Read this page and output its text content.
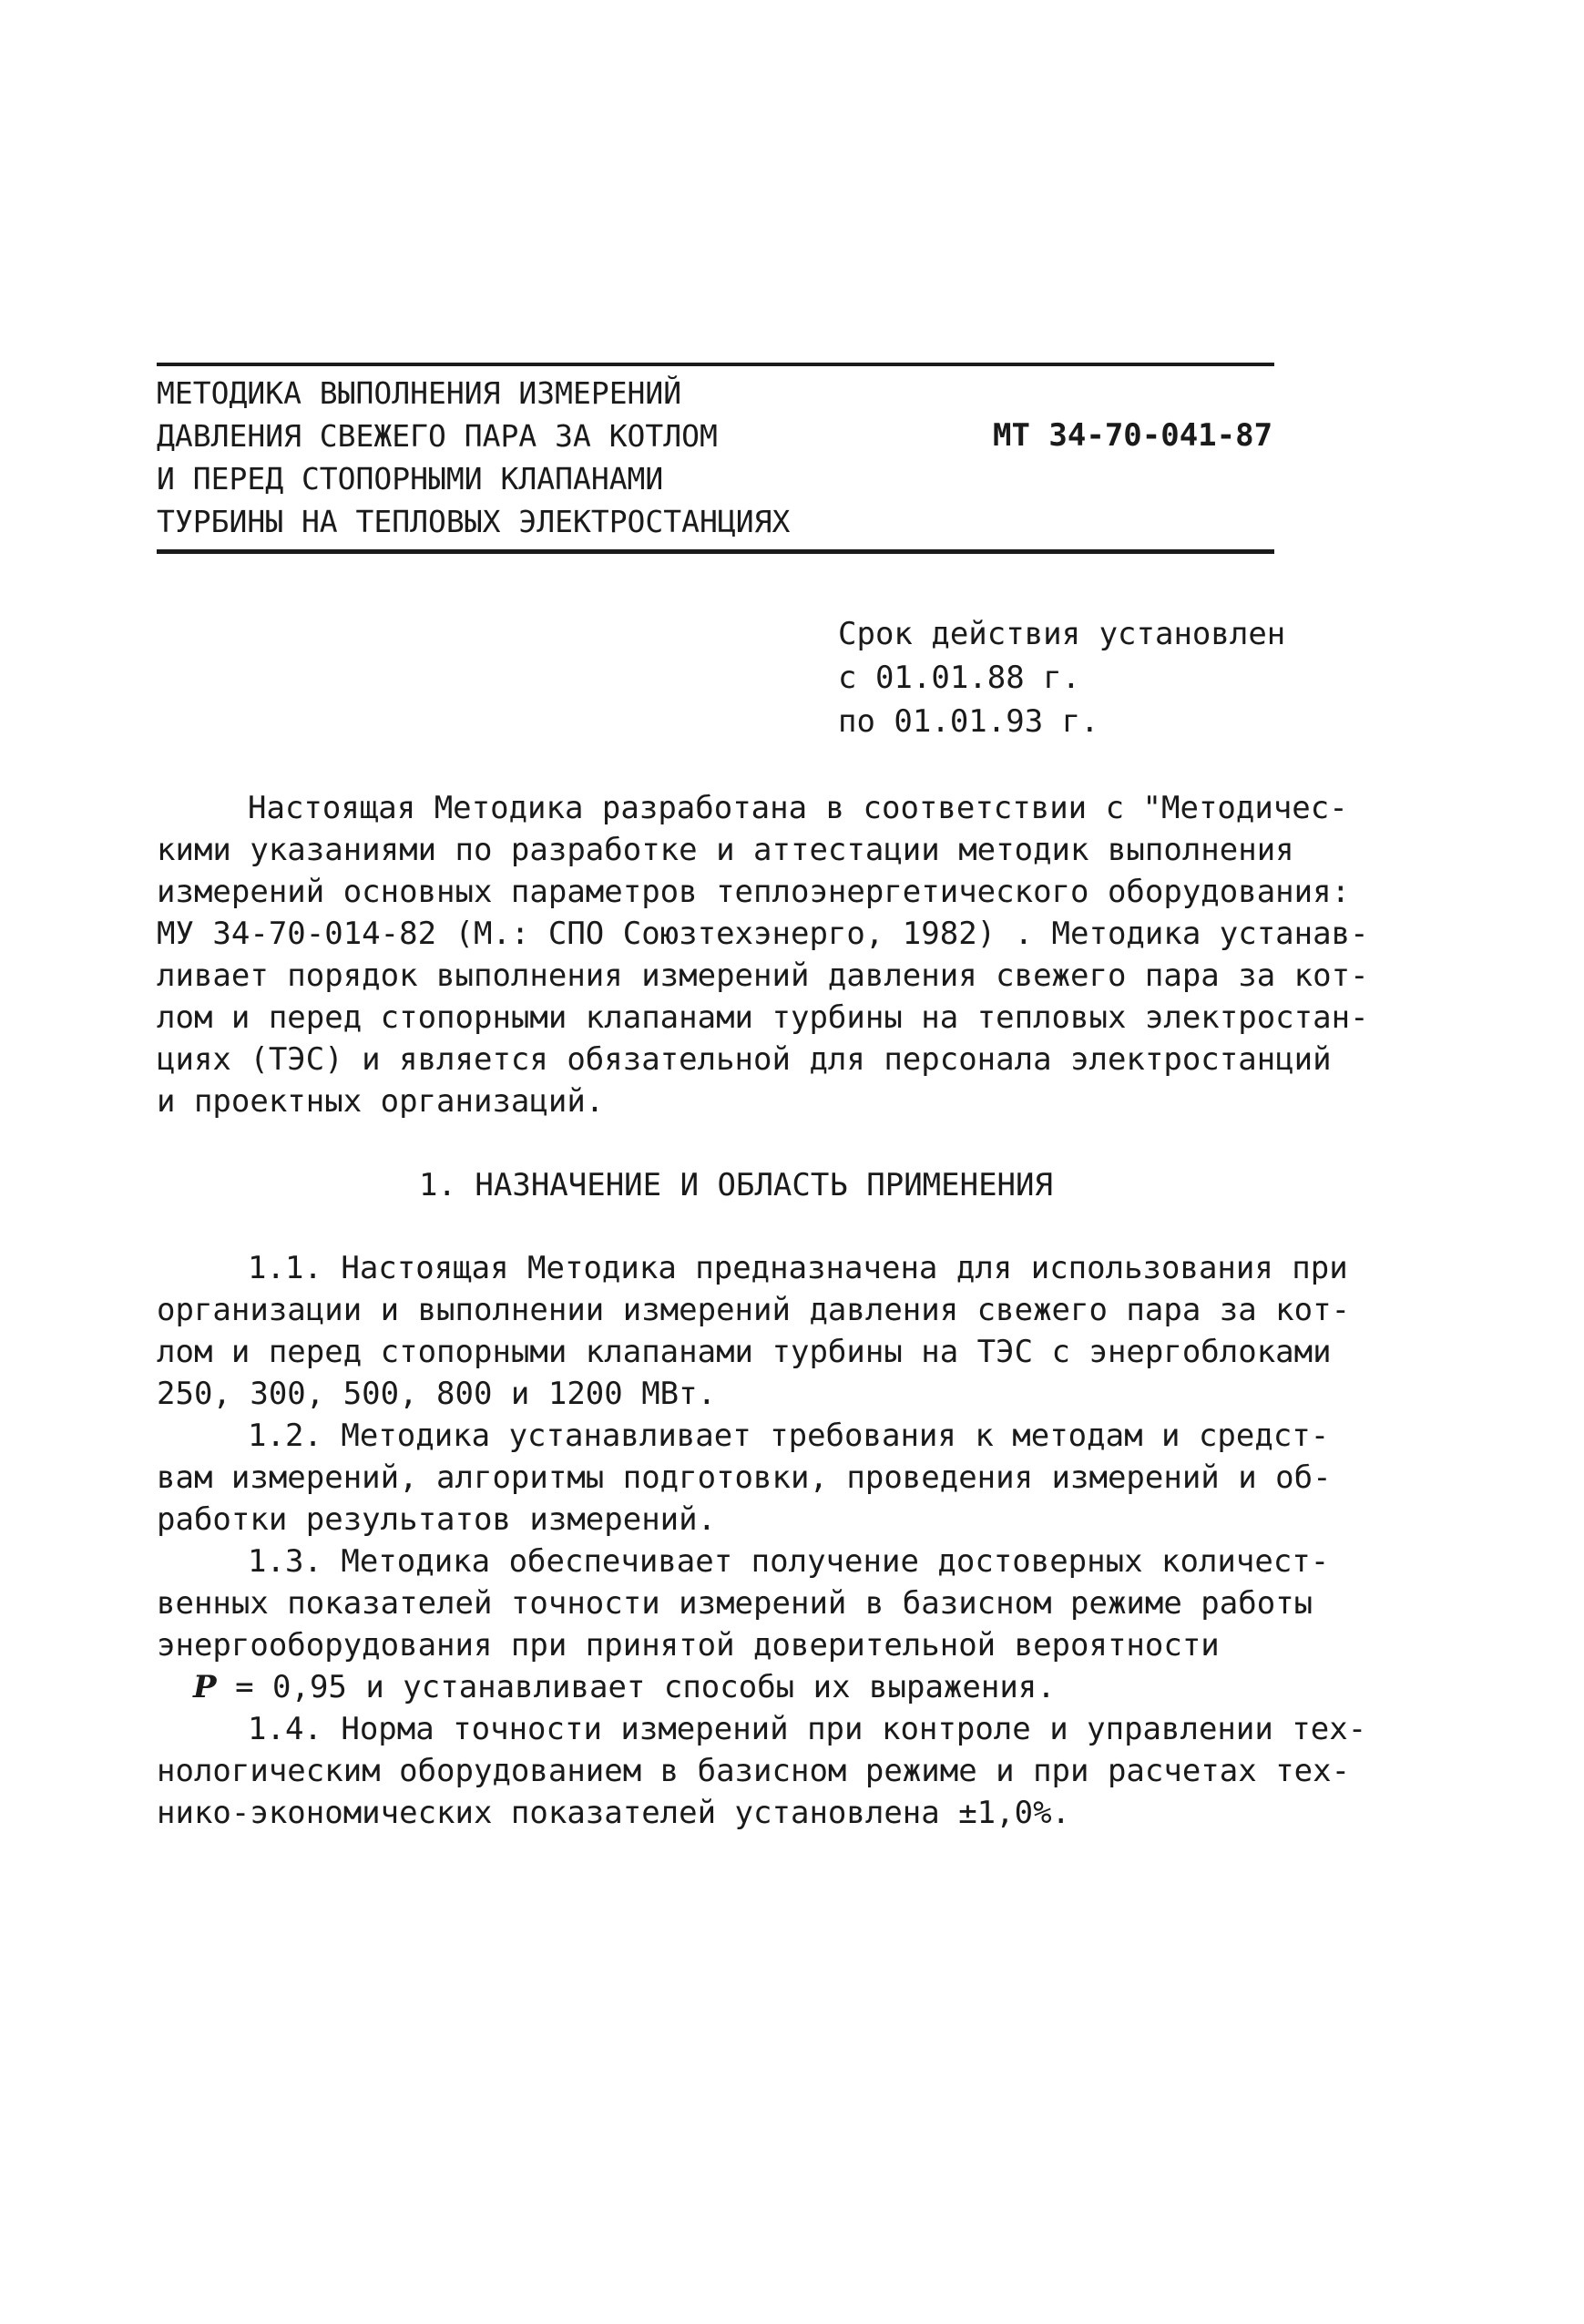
МЕТОДИКА ВЫПОЛНЕНИЯ ИЗМЕРЕНИЙ
ДАВЛЕНИЯ СВЕЖЕГО ПАРА ЗА КОТЛОМ
И ПЕРЕД СТОПОРНЫМИ КЛАПАНАМИ
ТУРБИНЫ НА ТЕПЛОВЫХ ЭЛЕКТРОСТАНЦИЯХ
МТ 34-70-041-87
Срок действия установлен
с 01.01.88 г.
по 01.01.93 г.
Настоящая Методика разработана в соответствии с "Методичес-
кими указаниями по разработке и аттестации методик выполнения
измерений основных параметров теплоэнергетического оборудования:
МУ 34-70-014-82 (М.: СПО Союзтехэнерго, 1982) . Методика устанав-
ливает порядок выполнения измерений давления свежего пара за кот-
лом и перед стопорными клапанами турбины на тепловых электростан-
циях (ТЭС) и является обязательной для персонала электростанций
и проектных организаций.
1. НАЗНАЧЕНИЕ И ОБЛАСТЬ ПРИМЕНЕНИЯ
1.1. Настоящая Методика предназначена для использования при
организации и выполнении измерений давления свежего пара за кот-
лом и перед стопорными клапанами турбины на ТЭС с энергоблоками
250, 300, 500, 800 и 1200 МВт.
1.2. Методика устанавливает требования к методам и средст-
вам измерений, алгоритмы подготовки, проведения измерений и об-
работки результатов измерений.
1.3. Методика обеспечивает получение достоверных количест-
венных показателей точности измерений в базисном режиме работы
энергооборудования при принятой доверительной вероятности
P = 0,95 и устанавливает способы их выражения.
1.4. Норма точности измерений при контроле и управлении тех-
нологическим оборудованием в базисном режиме и при расчетах тех-
нико-экономических показателей установлена ±1,0%.
